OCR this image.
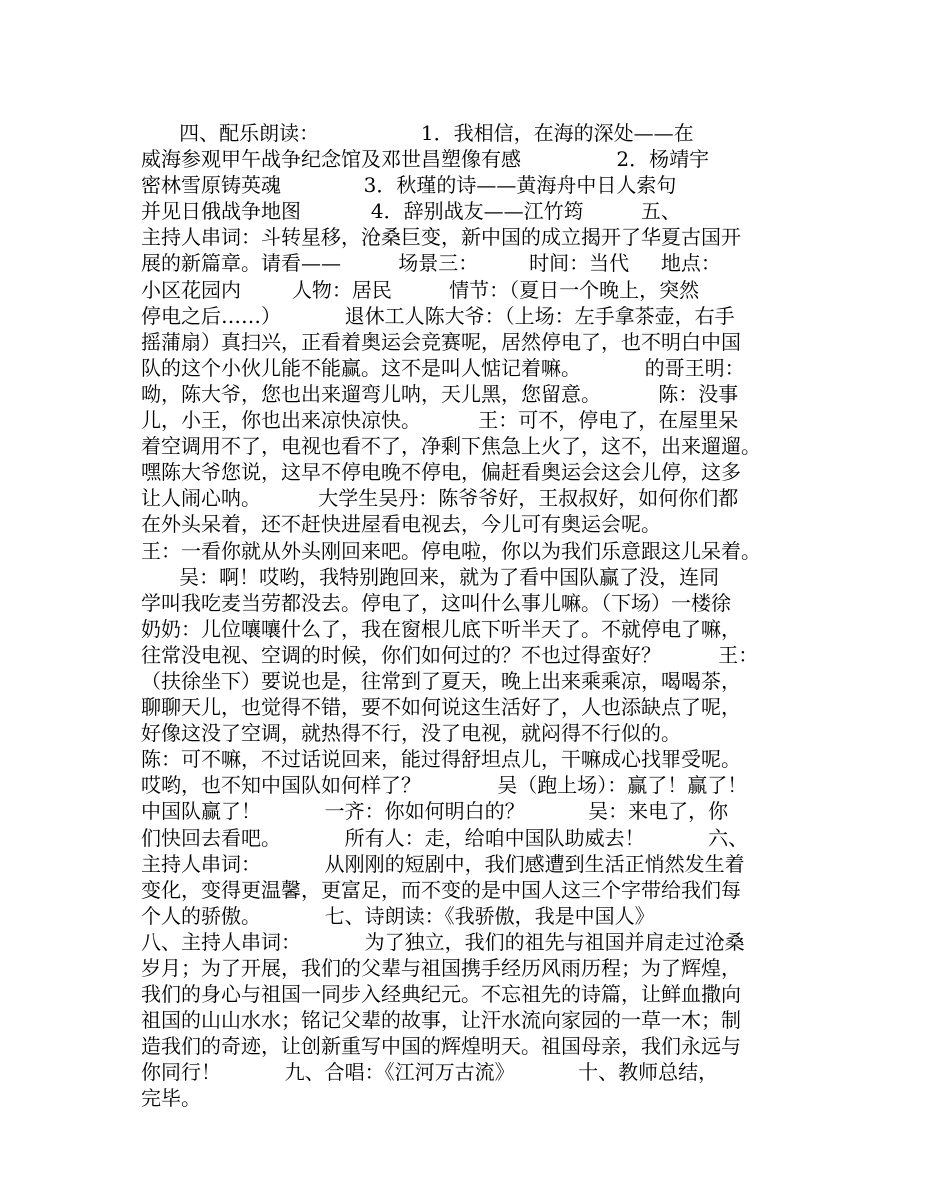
四、配乐朗读：                1．我相信，在海的深处——在
威海参观甲午战争纪念馆及邓世昌塑像有感               2．杨靖宇
密林雪原铸英魂             3．秋瑾的诗——黄海舟中日人索句
并见日俄战争地图           4．辞别战友——江竹筠         五、
主持人串词：斗转星移，沧桑巨变，新中国的成立揭开了华夏古国开
展的新篇章。请看——         场景三：        时间：当代     地点：
小区花园内        人物：居民         情节：（夏日一个晚上，突然
停电之后……）          退休工人陈大爷：（上场：左手拿茶壶，右手
摇蒲扇）真扫兴，正看着奥运会竞赛呢，居然停电了，也不明白中国
队的这个小伙儿能不能赢。这不是叫人惦记着嘛。          的哥王明：
呦，陈大爷，您也出来遛弯儿呐，天儿黑，您留意。         陈：没事
儿，小王，你也出来凉快凉快。         王：可不，停电了，在屋里呆
着空调用不了，电视也看不了，净剩下焦急上火了，这不，出来遛遛。
嘿陈大爷您说，这早不停电晚不停电，偏赶看奥运会这会儿停，这多
让人闹心呐。         大学生吴丹：陈爷爷好，王叔叔好，如何你们都
在外头呆着，还不赶快进屋看电视去，今儿可有奥运会呢。
王：一看你就从外头刚回来吧。停电啦，你以为我们乐意跟这儿呆着。
吴：啊！哎哟，我特别跑回来，就为了看中国队赢了没，连同
学叫我吃麦当劳都没去。停电了，这叫什么事儿嘛。（下场）一楼徐
奶奶：儿位嚷嚷什么了，我在窗根儿底下听半天了。不就停电了嘛，
往常没电视、空调的时候，你们如何过的？不也过得蛮好？         王：
（扶徐坐下）要说也是，往常到了夏天，晚上出来乘乘凉，喝喝茶，
聊聊天儿，也觉得不错，要不如何说这生活好了，人也添缺点了呢，
好像这没了空调，就热得不行，没了电视，就闷得不行似的。
陈：可不嘛，不过话说回来，能过得舒坦点儿，干嘛成心找罪受呢。
哎哟，也不知中国队如何样了？            吴（跑上场）：赢了！赢了！
中国队赢了！          一齐：你如何明白的？          吴：来电了，你
们快回去看吧。          所有人：走，给咱中国队助威去！          六、
主持人串词：          从刚刚的短剧中，我们感遭到生活正悄然发生着
变化，变得更温馨，更富足，而不变的是中国人这三个字带给我们每
个人的骄傲。          七、诗朗读：《我骄傲，我是中国人》
八、主持人串词：          为了独立，我们的祖先与祖国并肩走过沧桑
岁月；为了开展，我们的父辈与祖国携手经历风雨历程；为了辉煌，
我们的身心与祖国一同步入经典纪元。不忘祖先的诗篇，让鲜血撒向
祖国的山山水水；铭记父辈的故事，让汗水流向家园的一草一木；制
造我们的奇迹，让创新重写中国的辉煌明天。祖国母亲，我们永远与
你同行！          九、合唱：《江河万古流》          十、教师总结，
完毕。
